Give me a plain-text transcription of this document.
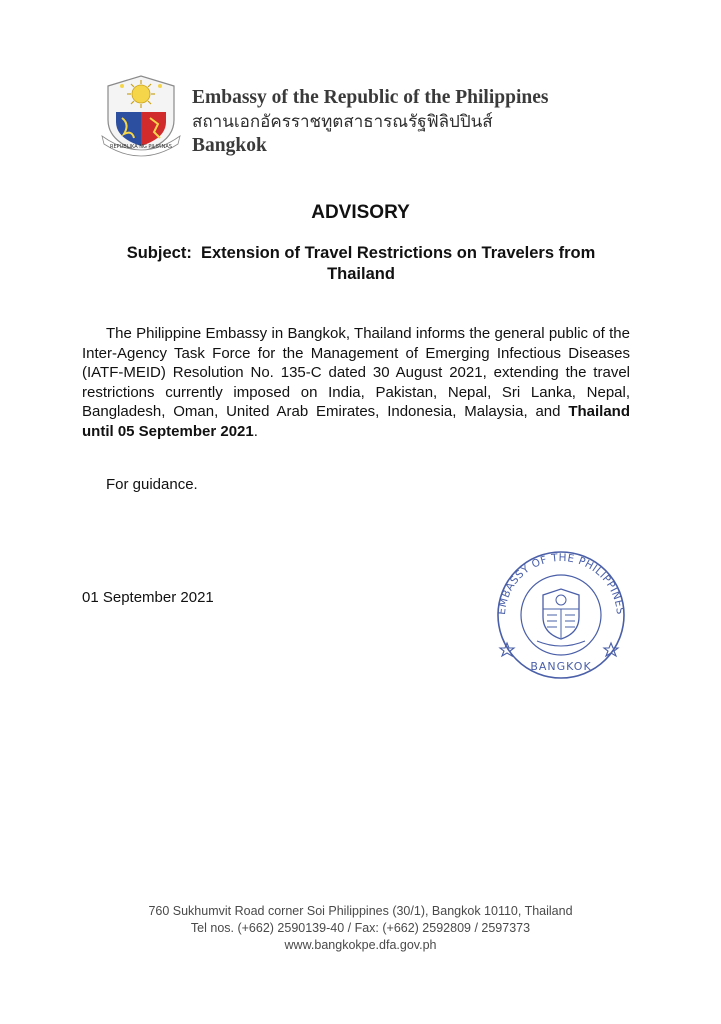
REPUBLIKA NG PILIPINAS
Embassy of the Republic of the Philippines
สถานเอกอัครราชทูตสาธารณรัฐฟิลิปปินส์
Bangkok
ADVISORY
Subject: Extension of Travel Restrictions on Travelers from Thailand
The Philippine Embassy in Bangkok, Thailand informs the general public of the Inter-Agency Task Force for the Management of Emerging Infectious Diseases (IATF-MEID) Resolution No. 135-C dated 30 August 2021, extending the travel restrictions currently imposed on India, Pakistan, Nepal, Sri Lanka, Nepal, Bangladesh, Oman, United Arab Emirates, Indonesia, Malaysia, and Thailand until 05 September 2021.
For guidance.
01 September 2021
EMBASSY OF THE PHILIPPINES
BANGKOK
760 Sukhumvit Road corner Soi Philippines (30/1), Bangkok 10110, Thailand
Tel nos. (+662) 2590139-40 / Fax: (+662) 2592809 / 2597373
www.bangkokpe.dfa.gov.ph
